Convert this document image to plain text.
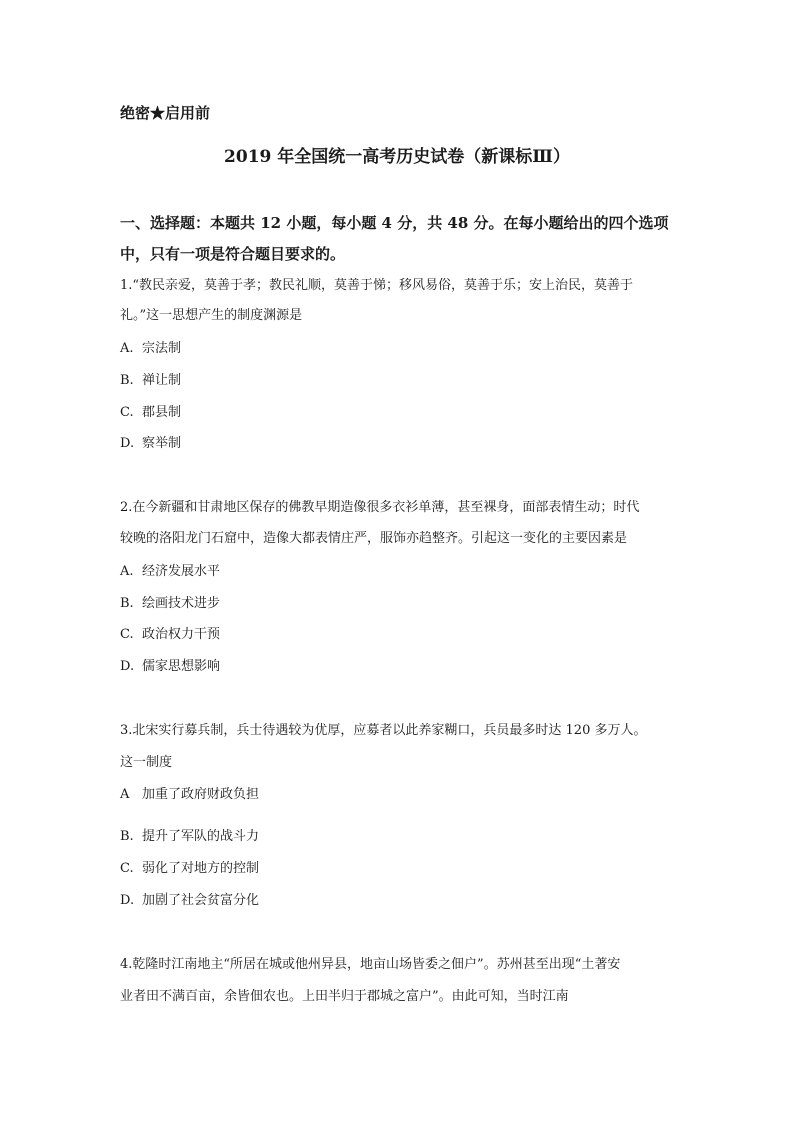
绝密★启用前
2019 年全国统一高考历史试卷（新课标Ⅲ）
一、选择题：本题共 12 小题，每小题 4 分，共 48 分。在每小题给出的四个选项中，只有一项是符合题目要求的。
1.“教民亲爱，莫善于孝；教民礼顺，莫善于悌；移风易俗，莫善于乐；安上治民，莫善于
礼。”这一思想产生的制度渊源是
A. 宗法制
B. 禅让制
C. 郡县制
D. 察举制
2.在今新疆和甘肃地区保存的佛教早期造像很多衣衫单薄，甚至裸身，面部表情生动；时代
较晚的洛阳龙门石窟中，造像大都表情庄严，服饰亦趋整齐。引起这一变化的主要因素是
A. 经济发展水平
B. 绘画技术进步
C. 政治权力干预
D. 儒家思想影响
3.北宋实行募兵制，兵士待遇较为优厚，应募者以此养家糊口，兵员最多时达 120 多万人。
这一制度
A 加重了政府财政负担
B. 提升了军队的战斗力
C. 弱化了对地方的控制
D. 加剧了社会贫富分化
4.乾隆时江南地主“所居在城或他州异县，地亩山场皆委之佃户”。苏州甚至出现“土著安
业者田不满百亩，余皆佃农也。上田半归于郡城之富户”。由此可知，当时江南
